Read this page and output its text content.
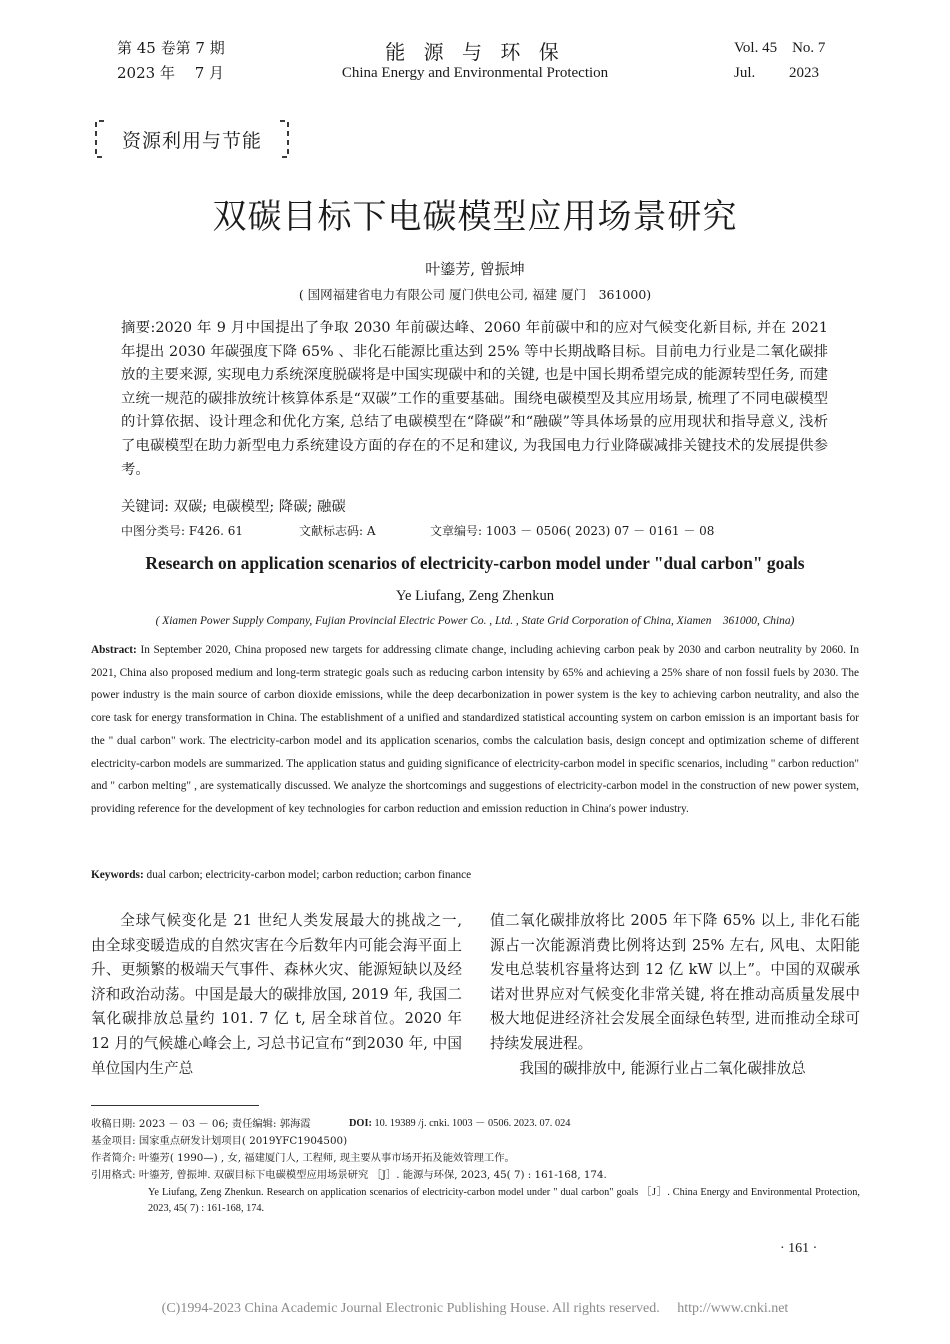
第 45 卷第 7 期
2023 年 　7 月
能 源 与 环 保
China Energy and Environmental Protection
Vol. 45　No. 7
Jul. 　　2023
资源利用与节能
双碳目标下电碳模型应用场景研究
叶鎏芳, 曾振坤
( 国网福建省电力有限公司 厦门供电公司, 福建 厦门　361000)
摘要:2020 年 9 月中国提出了争取 2030 年前碳达峰、2060 年前碳中和的应对气候变化新目标, 并在 2021 年提出 2030 年碳强度下降 65% 、非化石能源比重达到 25% 等中长期战略目标。目前电力行业是二氧化碳排放的主要来源, 实现电力系统深度脱碳将是中国实现碳中和的关键, 也是中国长期希望完成的能源转型任务, 而建立统一规范的碳排放统计核算体系是“双碳”工作的重要基础。围绕电碳模型及其应用场景, 梳理了不同电碳模型的计算依据、设计理念和优化方案, 总结了电碳模型在“降碳”和“融碳”等具体场景的应用现状和指导意义, 浅析了电碳模型在助力新型电力系统建设方面的存在的不足和建议, 为我国电力行业降碳减排关键技术的发展提供参考。
关键词: 双碳; 电碳模型; 降碳; 融碳
中图分类号: F426. 61	文献标志码: A	文章编号: 1003 － 0506( 2023) 07 － 0161 － 08
Research on application scenarios of electricity-carbon model under "dual carbon" goals
Ye Liufang, Zeng Zhenkun
( Xiamen Power Supply Company, Fujian Provincial Electric Power Co. , Ltd. , State Grid Corporation of China, Xiamen　361000, China)
Abstract: In September 2020, China proposed new targets for addressing climate change, including achieving carbon peak by 2030 and carbon neutrality by 2060. In 2021, China also proposed medium and long-term strategic goals such as reducing carbon intensity by 65% and achieving a 25% share of non fossil fuels by 2030. The power industry is the main source of carbon dioxide emissions, while the deep decarbonization in power system is the key to achieving carbon neutrality, and also the core task for energy transformation in China. The establishment of a unified and standardized statistical accounting system on carbon emission is an important basis for the " dual carbon" work. The electricity-carbon model and its application scenarios, combs the calculation basis, design concept and optimization scheme of different electricity-carbon models are summarized. The application status and guiding significance of electricity-carbon model in specific scenarios, including " carbon reduction" and " carbon melting" , are systematically discussed. We analyze the shortcomings and suggestions of electricity-carbon model in the construction of new power system, providing reference for the development of key technologies for carbon reduction and emission reduction in China′s power industry.
Keywords: dual carbon; electricity-carbon model; carbon reduction; carbon finance

全球气候变化是 21 世纪人类发展最大的挑战之一, 由全球变暖造成的自然灾害在今后数年内可能会海平面上升、更频繁的极端天气事件、森林火灾、能源短缺以及经济和政治动荡。中国是最大的碳排放国, 2019 年, 我国二氧化碳排放总量约 101. 7 亿 t, 居全球首位。2020 年 12 月的气候雄心峰会上, 习总书记宣布“到2030 年, 中国单位国内生产总

值二氧化碳排放将比 2005 年下降 65% 以上, 非化石能源占一次能源消费比例将达到 25% 左右, 风电、太阳能发电总装机容量将达到 12 亿 kW 以上”。中国的双碳承诺对世界应对气候变化非常关键, 将在推动高质量发展中极大地促进经济社会发展全面绿色转型, 进而推动全球可持续发展进程。

我国的碳排放中, 能源行业占二氧化碳排放总

收稿日期: 2023 － 03 － 06; 责任编辑: 郭海霞	DOI: 10. 19389 /j. cnki. 1003 － 0506. 2023. 07. 024
基金项目: 国家重点研发计划项目( 2019YFC1904500)
作者简介: 叶鎏芳( 1990—) , 女, 福建厦门人, 工程师, 现主要从事市场开拓及能效管理工作。
引用格式: 叶鎏芳, 曾振坤. 双碳目标下电碳模型应用场景研究 ［J］. 能源与环保, 2023, 45( 7) : 161-168, 174.
Ye Liufang, Zeng Zhenkun. Research on application scenarios of electricity-carbon model under " dual carbon" goals ［J］. China Energy and Environmental Protection, 2023, 45( 7) : 161-168, 174.
· 161 ·
(C)1994-2023 China Academic Journal Electronic Publishing House. All rights reserved.　 http://www.cnki.net
